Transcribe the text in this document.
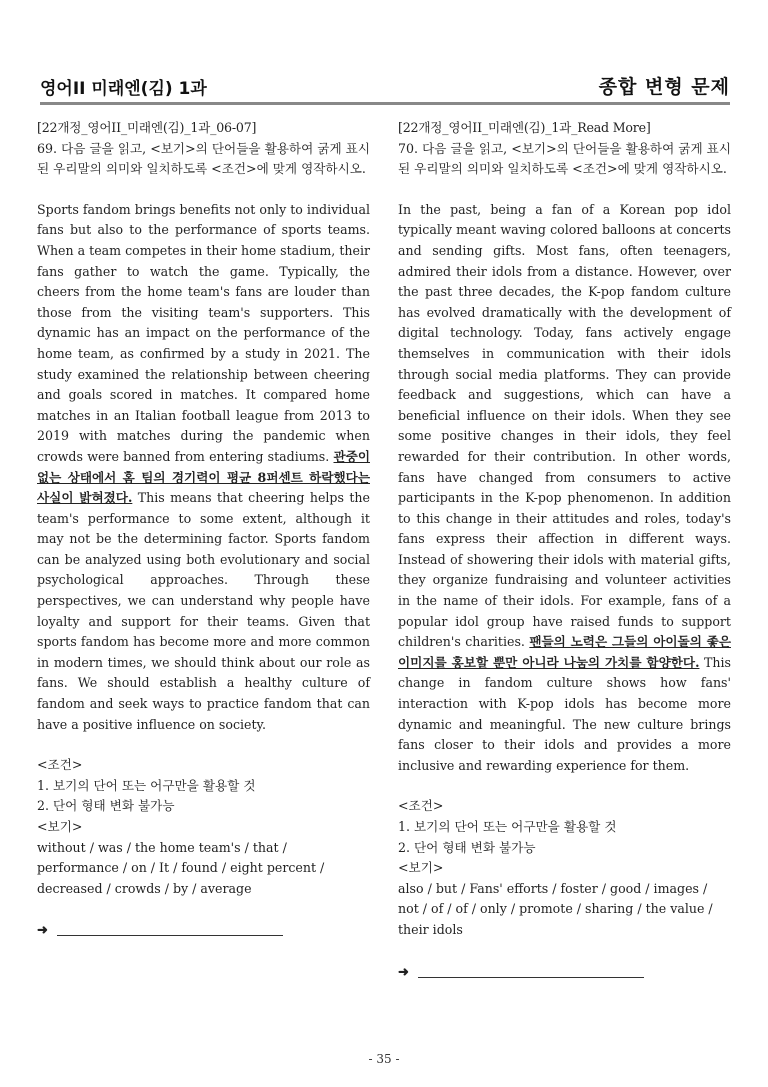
영어II 미래엔(김) 1과	종합 변형 문제
[22개정_영어II_미래엔(김)_1과_06-07]

69. 다음 글을 읽고, <보기>의 단어들을 활용하여 굵게 표시된 우리말의 의미와 일치하도록 <조건>에 맞게 영작하시오.

Sports fandom brings benefits not only to individual fans but also to the performance of sports teams. When a team competes in their home stadium, their fans gather to watch the game. Typically, the cheers from the home team's fans are louder than those from the visiting team's supporters. This dynamic has an impact on the performance of the home team, as confirmed by a study in 2021. The study examined the relationship between cheering and goals scored in matches. It compared home matches in an Italian football league from 2013 to 2019 with matches during the pandemic when crowds were banned from entering stadiums. 관중이 없는 상태에서 홈 팀의 경기력이 평균 8퍼센트 하락했다는 사실이 밝혀졌다. This means that cheering helps the team's performance to some extent, although it may not be the determining factor. Sports fandom can be analyzed using both evolutionary and social psychological approaches. Through these perspectives, we can understand why people have loyalty and support for their teams. Given that sports fandom has become more and more common in modern times, we should think about our role as fans. We should establish a healthy culture of fandom and seek ways to practice fandom that can have a positive influence on society.

<조건>
1. 보기의 단어 또는 어구만을 활용할 것
2. 단어 형태 변화 불가능
<보기>
without / was / the home team's / that / performance / on / It / found / eight percent / decreased / crowds / by / average
➜
[22개정_영어II_미래엔(김)_1과_Read More]

70. 다음 글을 읽고, <보기>의 단어들을 활용하여 굵게 표시된 우리말의 의미와 일치하도록 <조건>에 맞게 영작하시오.

In the past, being a fan of a Korean pop idol typically meant waving colored balloons at concerts and sending gifts. Most fans, often teenagers, admired their idols from a distance. However, over the past three decades, the K-pop fandom culture has evolved dramatically with the development of digital technology. Today, fans actively engage themselves in communication with their idols through social media platforms. They can provide feedback and suggestions, which can have a beneficial influence on their idols. When they see some positive changes in their idols, they feel rewarded for their contribution. In other words, fans have changed from consumers to active participants in the K-pop phenomenon. In addition to this change in their attitudes and roles, today's fans express their affection in different ways. Instead of showering their idols with material gifts, they organize fundraising and volunteer activities in the name of their idols. For example, fans of a popular idol group have raised funds to support children's charities. 팬들의 노력은 그들의 아이돌의 좋은 이미지를 홍보할 뿐만 아니라 나눔의 가치를 함양한다. This change in fandom culture shows how fans' interaction with K-pop idols has become more dynamic and meaningful. The new culture brings fans closer to their idols and provides a more inclusive and rewarding experience for them.

<조건>
1. 보기의 단어 또는 어구만을 활용할 것
2. 단어 형태 변화 불가능
<보기>
also / but / Fans' efforts / foster / good / images / not / of / of / only / promote / sharing / the value / their idols
➜
- 35 -
